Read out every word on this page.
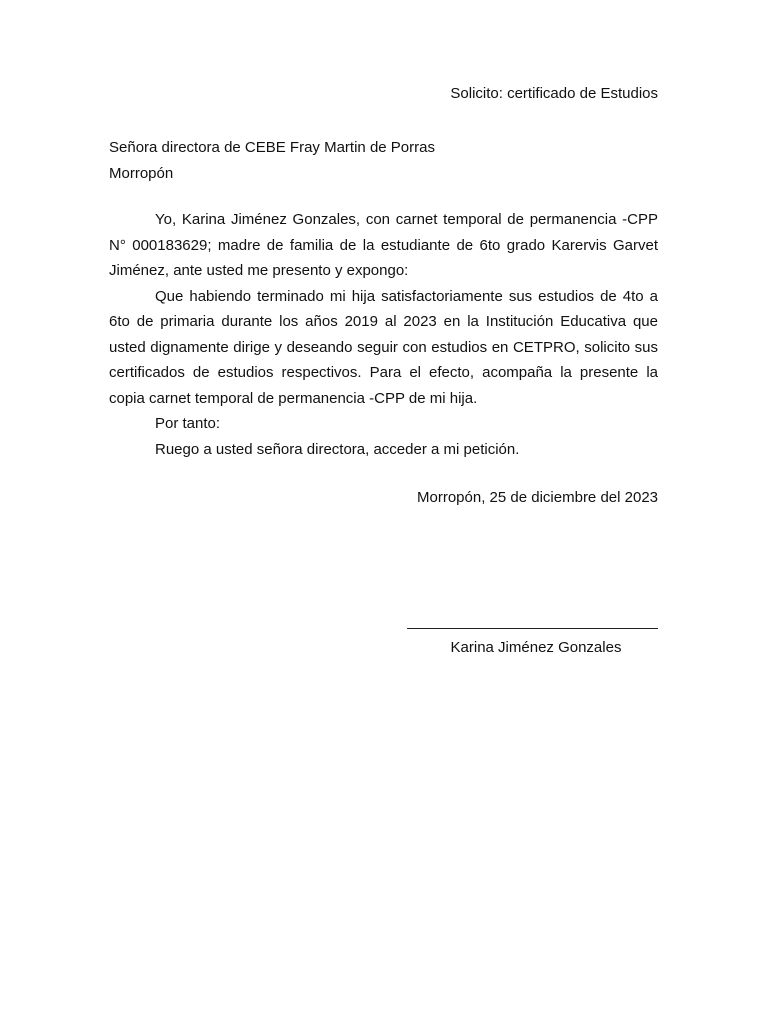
Solicito: certificado de Estudios
Señora directora de CEBE Fray Martin de Porras
Morropón

Yo, Karina Jiménez Gonzales, con carnet temporal de permanencia -CPP N° 000183629; madre de familia de la estudiante de 6to grado Karervis Garvet Jiménez, ante usted me presento y expongo:

Que habiendo terminado mi hija satisfactoriamente sus estudios de 4to a 6to de primaria durante los años 2019 al 2023 en la Institución Educativa que usted dignamente dirige y deseando seguir con estudios en CETPRO, solicito sus certificados de estudios respectivos. Para el efecto, acompaña la presente la copia carnet temporal de permanencia -CPP de mi hija.

Por tanto:

Ruego a usted señora directora, acceder a mi petición.

Morropón, 25 de diciembre del 2023
Karina Jiménez Gonzales
